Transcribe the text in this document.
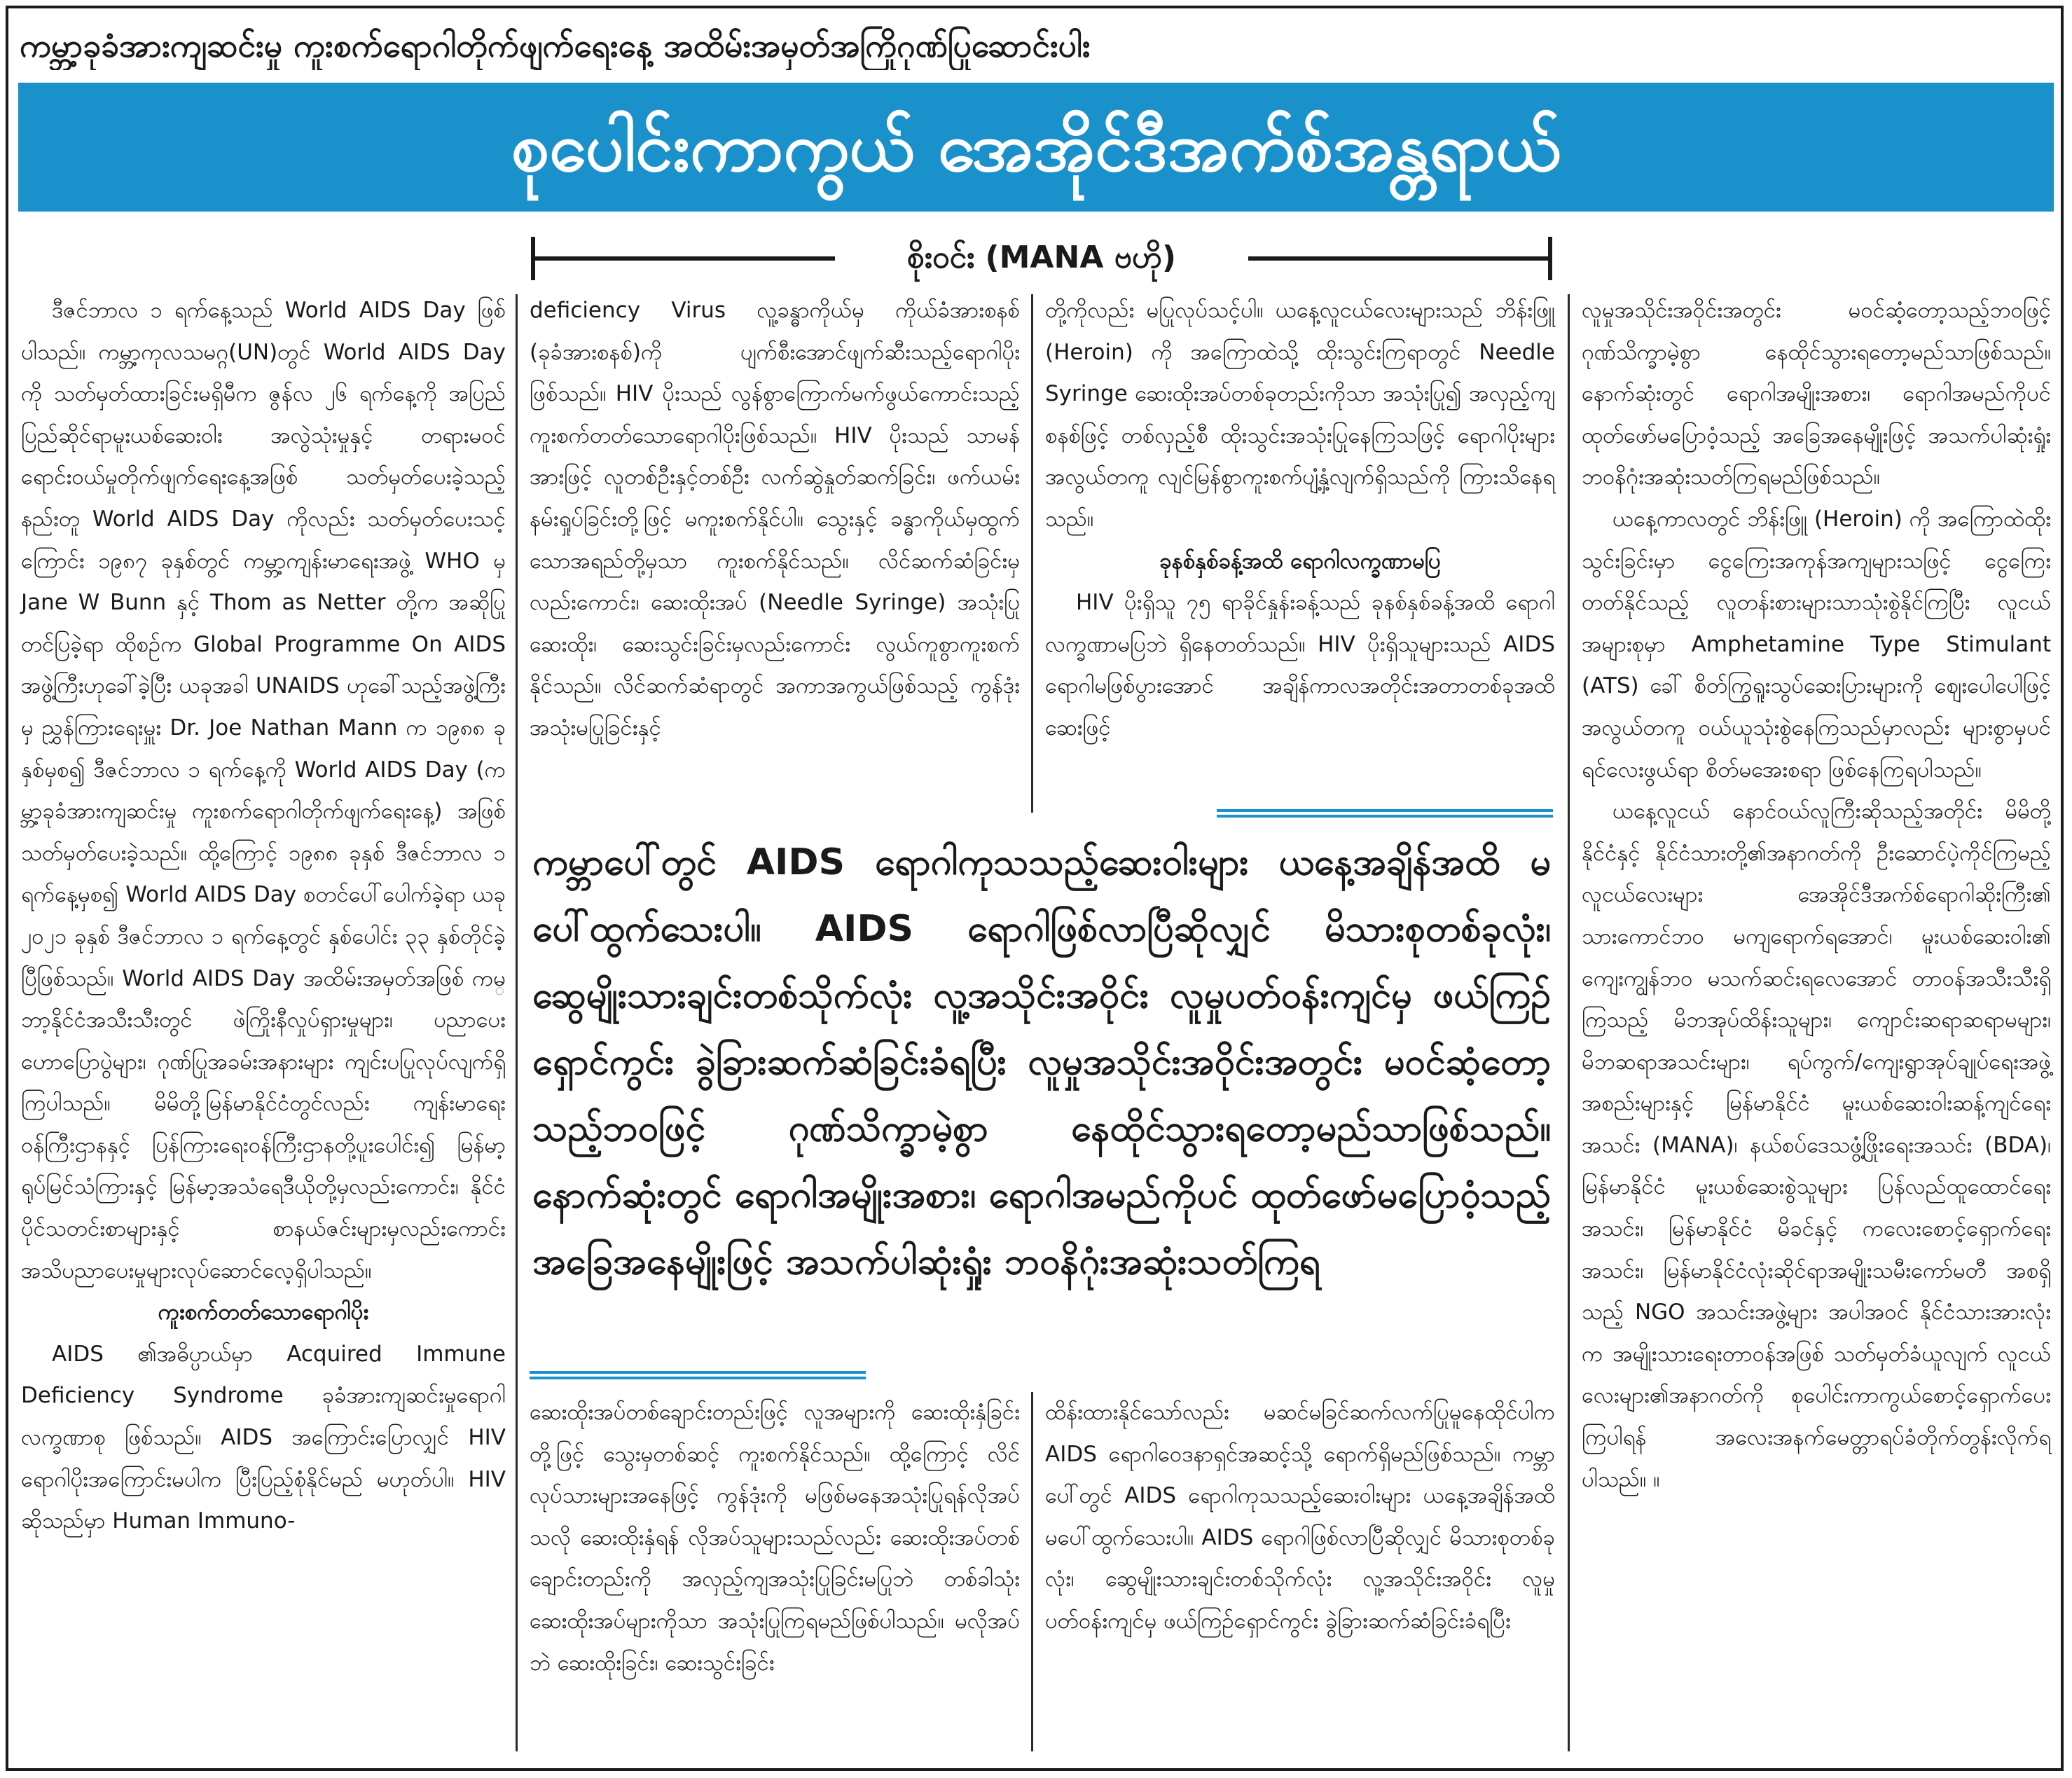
ကမ္ဘာ့ခုခံအားကျဆင်းမှု ကူးစက်ရောဂါတိုက်ဖျက်ရေးနေ့ အထိမ်းအမှတ်အကြိုဂုဏ်ပြုဆောင်းပါး
စုပေါင်းကာကွယ် အေအိုင်ဒီအက်စ်အန္တရာယ်
စိုးဝင်း (MANA ဗဟို)

ဒီဇင်ဘာလ ၁ ရက်နေ့သည် World AIDS Day ဖြစ်ပါသည်။ ကမ္ဘာ့ကုလသမဂ္ဂ(UN)တွင် World AIDS Day ကို သတ်မှတ်ထားခြင်းမရှိမီက ဇွန်လ ၂၆ ရက်နေ့ကို အပြည်ပြည်ဆိုင်ရာမူးယစ်ဆေးဝါး အလွဲသုံးမှုနှင့် တရားမဝင်ရောင်းဝယ်မှုတိုက်ဖျက်ရေးနေ့အဖြစ် သတ်မှတ်ပေးခဲ့သည့်နည်းတူ World AIDS Day ကိုလည်း သတ်မှတ်ပေးသင့်ကြောင်း ၁၉၈၇ ခုနှစ်တွင် ကမ္ဘာ့ကျန်းမာရေးအဖွဲ့ WHO မှ Jane W Bunn နှင့် Thom as Netter တို့က အဆိုပြုတင်ပြခဲ့ရာ ထိုစဉ်က Global Programme On AIDS အဖွဲ့ကြီးဟုခေါ်ခဲ့ပြီး ယခုအခါ UNAIDS ဟုခေါ်သည့်အဖွဲ့ကြီးမှ ညွှန်ကြားရေးမှူး Dr. Joe Nathan Mann က ၁၉၈၈ ခုနှစ်မှစ၍ ဒီဇင်ဘာလ ၁ ရက်နေ့ကို World AIDS Day (ကမ္ဘာ့ခုခံအားကျဆင်းမှု ကူးစက်ရောဂါတိုက်ဖျက်ရေးနေ့) အဖြစ် သတ်မှတ်ပေးခဲ့သည်။ ထို့ကြောင့် ၁၉၈၈ ခုနှစ် ဒီဇင်ဘာလ ၁ ရက်နေ့မှစ၍ World AIDS Day စတင်ပေါ်ပေါက်ခဲ့ရာ ယခု ၂၀၂၁ ခုနှစ် ဒီဇင်ဘာလ ၁ ရက်နေ့တွင် နှစ်ပေါင်း ၃၃ နှစ်တိုင်ခဲ့ပြီဖြစ်သည်။ World AIDS Day အထိမ်းအမှတ်အဖြစ် ကမ္ဘာ့နိုင်ငံအသီးသီးတွင် ဖဲကြိုးနီလှုပ်ရှားမှုများ၊ ပညာပေးဟောပြောပွဲများ၊ ဂုဏ်ပြုအခမ်းအနားများ ကျင်းပပြုလုပ်လျက်ရှိကြပါသည်။ မိမိတို့မြန်မာနိုင်ငံတွင်လည်း ကျန်းမာရေးဝန်ကြီးဌာနနှင့် ပြန်ကြားရေးဝန်ကြီးဌာနတို့ပူးပေါင်း၍ မြန်မာ့ရုပ်မြင်သံကြားနှင့် မြန်မာ့အသံရေဒီယိုတို့မှလည်းကောင်း၊ နိုင်ငံပိုင်သတင်းစာများနှင့် စာနယ်ဇင်းများမှလည်းကောင်း အသိပညာပေးမှုများလုပ်ဆောင်လေ့ရှိပါသည်။

ကူးစက်တတ်သောရောဂါပိုး

AIDS ၏အဓိပ္ပာယ်မှာ Acquired Immune Deficiency Syndrome ခုခံအားကျဆင်းမှုရောဂါ လက္ခဏာစု ဖြစ်သည်။ AIDS အကြောင်းပြောလျှင် HIV ရောဂါပိုးအကြောင်းမပါက ပြီးပြည့်စုံနိုင်မည် မဟုတ်ပါ။ HIV ဆိုသည်မှာ Human Immuno-

deficiency Virus လူ့ခန္ဓာကိုယ်မှ ကိုယ်ခံအားစနစ် (ခုခံအားစနစ်)ကို ပျက်စီးအောင်ဖျက်ဆီးသည့်ရောဂါပိုးဖြစ်သည်။ HIV ပိုးသည် လွန်စွာကြောက်မက်ဖွယ်ကောင်းသည့် ကူးစက်တတ်သောရောဂါပိုးဖြစ်သည်။ HIV ပိုးသည် သာမန်အားဖြင့် လူတစ်ဦးနှင့်တစ်ဦး လက်ဆွဲနှုတ်ဆက်ခြင်း၊ ဖက်ယမ်းနမ်းရှုပ်ခြင်းတို့ဖြင့် မကူးစက်နိုင်ပါ။ သွေးနှင့် ခန္ဓာကိုယ်မှထွက်သောအရည်တို့မှသာ ကူးစက်နိုင်သည်။ လိင်ဆက်ဆံခြင်းမှလည်းကောင်း၊ ဆေးထိုးအပ် (Needle Syringe) အသုံးပြုဆေးထိုး၊ ဆေးသွင်းခြင်းမှလည်းကောင်း လွယ်ကူစွာကူးစက်နိုင်သည်။ လိင်ဆက်ဆံရာတွင် အကာအကွယ်ဖြစ်သည့် ကွန်ဒုံးအသုံးမပြုခြင်းနှင့်

တို့ကိုလည်း မပြုလုပ်သင့်ပါ။ ယနေ့လူငယ်လေးများသည် ဘိန်းဖြူ (Heroin) ကို အကြောထဲသို့ ထိုးသွင်းကြရာတွင် Needle Syringe ဆေးထိုးအပ်တစ်ခုတည်းကိုသာ အသုံးပြု၍ အလှည့်ကျစနစ်ဖြင့် တစ်လှည့်စီ ထိုးသွင်းအသုံးပြုနေကြသဖြင့် ရောဂါပိုးများ အလွယ်တကူ လျင်မြန်စွာကူးစက်ပျံ့နှံ့လျက်ရှိသည်ကို ကြားသိနေရသည်။

ခုနစ်နှစ်ခန့်အထိ ရောဂါလက္ခဏာမပြ

HIV ပိုးရှိသူ ၇၅ ရာခိုင်နှုန်းခန့်သည် ခုနစ်နှစ်ခန့်အထိ ရောဂါလက္ခဏာမပြဘဲ ရှိနေတတ်သည်။ HIV ပိုးရှိသူများသည် AIDS ရောဂါမဖြစ်ပွားအောင် အချိန်ကာလအတိုင်းအတာတစ်ခုအထိ ဆေးဖြင့်

ကမ္ဘာပေါ်တွင် AIDS ရောဂါကုသသည့်ဆေးဝါးများ ယနေ့အချိန်အထိ မပေါ်ထွက်သေးပါ။ AIDS ရောဂါဖြစ်လာပြီဆိုလျှင် မိသားစုတစ်ခုလုံး၊ ဆွေမျိုးသားချင်းတစ်သိုက်လုံး လူ့အသိုင်းအဝိုင်း လူမှုပတ်ဝန်းကျင်မှ ဖယ်ကြဉ်ရှောင်ကွင်း ခွဲခြားဆက်ဆံခြင်းခံရပြီး လူမှုအသိုင်းအဝိုင်းအတွင်း မဝင်ဆံ့တော့သည့်ဘဝဖြင့် ဂုဏ်သိက္ခာမဲ့စွာ နေထိုင်သွားရတော့မည်သာဖြစ်သည်။ နောက်ဆုံးတွင် ရောဂါအမျိုးအစား၊ ရောဂါအမည်ကိုပင် ထုတ်ဖော်မပြောဝံ့သည့်အခြေအနေမျိုးဖြင့် အသက်ပါဆုံးရှုံး ဘဝနိဂုံးအဆုံးသတ်ကြရ

ဆေးထိုးအပ်တစ်ချောင်းတည်းဖြင့် လူအများကို ဆေးထိုးနှံခြင်းတို့ဖြင့် သွေးမှတစ်ဆင့် ကူးစက်နိုင်သည်။ ထို့ကြောင့် လိင်လုပ်သားများအနေဖြင့် ကွန်ဒုံးကို မဖြစ်မနေအသုံးပြုရန်လိုအပ်သလို ဆေးထိုးနှံရန် လိုအပ်သူများသည်လည်း ဆေးထိုးအပ်တစ်ချောင်းတည်းကို အလှည့်ကျအသုံးပြုခြင်းမပြုဘဲ တစ်ခါသုံးဆေးထိုးအပ်များကိုသာ အသုံးပြုကြရမည်ဖြစ်ပါသည်။ မလိုအပ်ဘဲ ဆေးထိုးခြင်း၊ ဆေးသွင်းခြင်း

ထိန်းထားနိုင်သော်လည်း မဆင်မခြင်ဆက်လက်ပြုမူနေထိုင်ပါက AIDS ရောဂါဝေဒနာရှင်အဆင့်သို့ ရောက်ရှိမည်ဖြစ်သည်။ ကမ္ဘာပေါ်တွင် AIDS ရောဂါကုသသည့်ဆေးဝါးများ ယနေ့အချိန်အထိ မပေါ်ထွက်သေးပါ။ AIDS ရောဂါဖြစ်လာပြီဆိုလျှင် မိသားစုတစ်ခုလုံး၊ ဆွေမျိုးသားချင်းတစ်သိုက်လုံး လူ့အသိုင်းအဝိုင်း လူမှုပတ်ဝန်းကျင်မှ ဖယ်ကြဉ်ရှောင်ကွင်း ခွဲခြားဆက်ဆံခြင်းခံရပြီး

လူမှုအသိုင်းအဝိုင်းအတွင်း မဝင်ဆံ့တော့သည့်ဘဝဖြင့် ဂုဏ်သိက္ခာမဲ့စွာ နေထိုင်သွားရတော့မည်သာဖြစ်သည်။ နောက်ဆုံးတွင် ရောဂါအမျိုးအစား၊ ရောဂါအမည်ကိုပင် ထုတ်ဖော်မပြောဝံ့သည့် အခြေအနေမျိုးဖြင့် အသက်ပါဆုံးရှုံး ဘဝနိဂုံးအဆုံးသတ်ကြရမည်ဖြစ်သည်။

ယနေ့ကာလတွင် ဘိန်းဖြူ (Heroin) ကို အကြောထဲထိုးသွင်းခြင်းမှာ ငွေကြေးအကုန်အကျများသဖြင့် ငွေကြေးတတ်နိုင်သည့် လူတန်းစားများသာသုံးစွဲနိုင်ကြပြီး လူငယ်အများစုမှာ Amphetamine Type Stimulant (ATS) ခေါ် စိတ်ကြွရူးသွပ်ဆေးပြားများကို ဈေးပေါပေါဖြင့် အလွယ်တကူ ဝယ်ယူသုံးစွဲနေကြသည်မှာလည်း များစွာမှပင် ရင်လေးဖွယ်ရာ စိတ်မအေးစရာ ဖြစ်နေကြရပါသည်။

ယနေ့လူငယ် နောင်ဝယ်လူကြီးဆိုသည့်အတိုင်း မိမိတို့နိုင်ငံနှင့် နိုင်ငံသားတို့၏အနာဂတ်ကို ဦးဆောင်ပဲ့ကိုင်ကြမည့် လူငယ်လေးများ အေအိုင်ဒီအက်စ်ရောဂါဆိုးကြီး၏ သားကောင်ဘဝ မကျရောက်ရအောင်၊ မူးယစ်ဆေးဝါး၏ ကျေးကျွန်ဘဝ မသက်ဆင်းရလေအောင် တာဝန်အသီးသီးရှိကြသည့် မိဘအုပ်ထိန်းသူများ၊ ကျောင်းဆရာဆရာမများ၊ မိဘဆရာအသင်းများ၊ ရပ်ကွက်/ကျေးရွာအုပ်ချုပ်ရေးအဖွဲ့အစည်းများနှင့် မြန်မာနိုင်ငံ မူးယစ်ဆေးဝါးဆန့်ကျင်ရေးအသင်း (MANA)၊ နယ်စပ်ဒေသဖွံ့ဖြိုးရေးအသင်း (BDA)၊ မြန်မာနိုင်ငံ မူးယစ်ဆေးစွဲသူများ ပြန်လည်ထူထောင်ရေးအသင်း၊ မြန်မာနိုင်ငံ မိခင်နှင့် ကလေးစောင့်ရှောက်ရေးအသင်း၊ မြန်မာနိုင်ငံလုံးဆိုင်ရာအမျိုးသမီးကော်မတီ အစရှိသည့် NGO အသင်းအဖွဲ့များ အပါအဝင် နိုင်ငံသားအားလုံးက အမျိုးသားရေးတာဝန်အဖြစ် သတ်မှတ်ခံယူလျက် လူငယ်လေးများ၏အနာဂတ်ကို စုပေါင်းကာကွယ်စောင့်ရှောက်ပေးကြပါရန် အလေးအနက်မေတ္တာရပ်ခံတိုက်တွန်းလိုက်ရပါသည်။ ။
